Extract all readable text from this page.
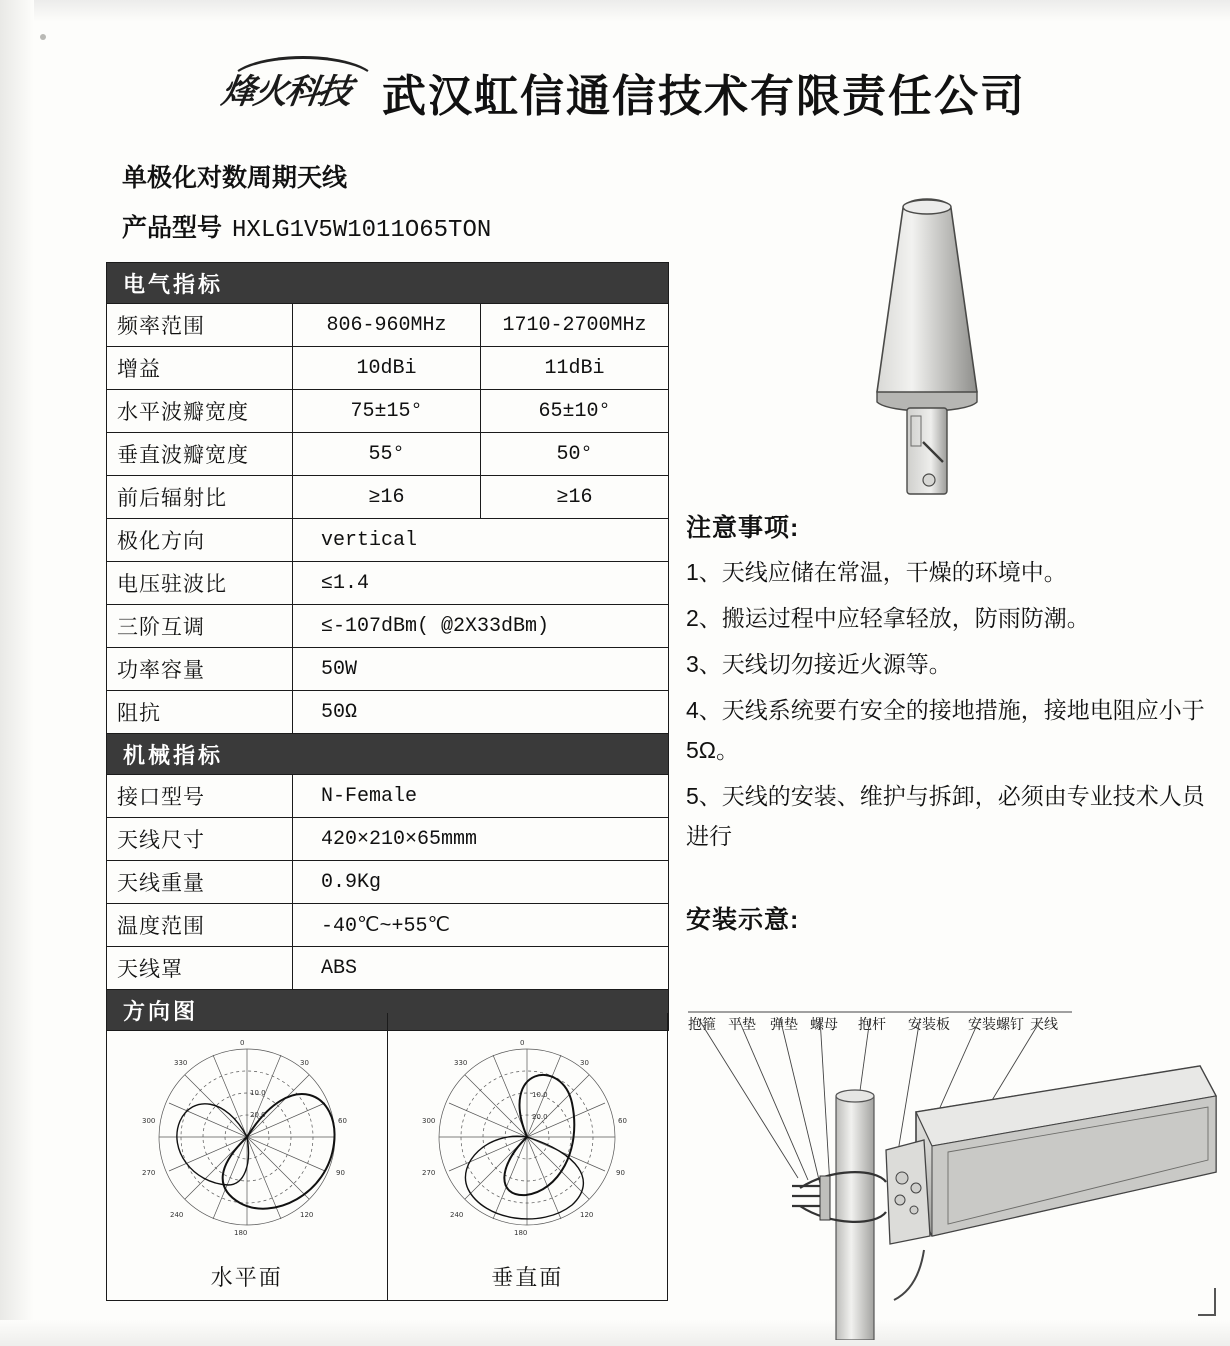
烽火科技 武汉虹信通信技术有限责任公司
单极化对数周期天线
产品型号 HXLG1V5W1011O65TON
电气指标		
频率范围	806-960MHz	1710-2700MHz
增益	10dBi	11dBi
水平波瓣宽度	75±15°	65±10°
垂直波瓣宽度	55°	50°
前后辐射比	≥16	≥16
极化方向	vertical	
电压驻波比	≤1.4	
三阶互调	≤-107dBm( @2X33dBm)	
功率容量	50W	
阻抗	50Ω	
机械指标		
接口型号	N-Female	
天线尺寸	420×210×65mmm	
天线重量	0.9Kg	
温度范围	-40℃~+55℃	
天线罩	ABS	
方向图		
0
30
60
90
120
180
240
270
300
330
10.0
20.0
水平面
0
30
60
90
120
180
240
270
300
330
10.0
20.0
垂直面
注意事项:

1、天线应储在常温，干燥的环境中。

2、搬运过程中应轻拿轻放，防雨防潮。

3、天线切勿接近火源等。

4、天线系统要冇安全的接地措施，接地电阻应小于5Ω。

5、天线的安装、维护与拆卸，必须由专业技术人员进行

安装示意:
抱箍 平垫 弹垫 螺母 抱杆 安装板 安装螺钉 天线
